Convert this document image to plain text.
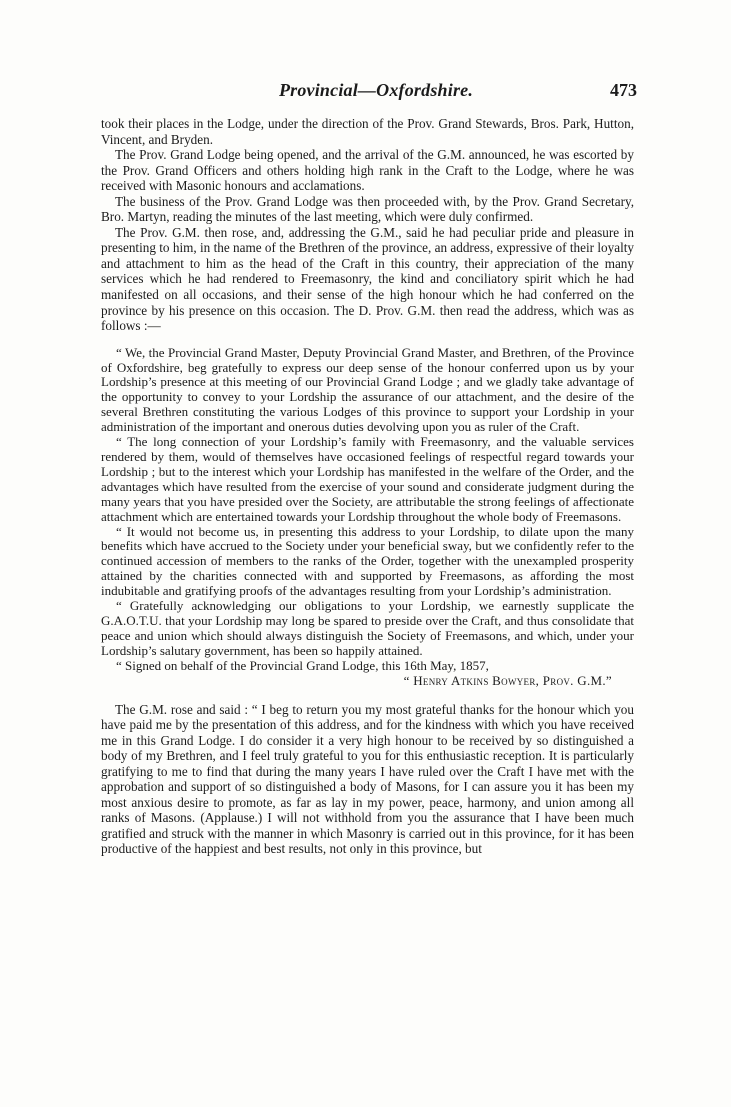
Provincial—Oxfordshire.	473

took their places in the Lodge, under the direction of the Prov. Grand Stewards, Bros. Park, Hutton, Vincent, and Bryden.

The Prov. Grand Lodge being opened, and the arrival of the G.M. announced, he was escorted by the Prov. Grand Officers and others holding high rank in the Craft to the Lodge, where he was received with Masonic honours and acclamations.

The business of the Prov. Grand Lodge was then proceeded with, by the Prov. Grand Secretary, Bro. Martyn, reading the minutes of the last meeting, which were duly confirmed.

The Prov. G.M. then rose, and, addressing the G.M., said he had peculiar pride and pleasure in presenting to him, in the name of the Brethren of the province, an address, expressive of their loyalty and attachment to him as the head of the Craft in this country, their appreciation of the many services which he had rendered to Freemasonry, the kind and conciliatory spirit which he had manifested on all occasions, and their sense of the high honour which he had conferred on the province by his presence on this occasion. The D. Prov. G.M. then read the address, which was as follows :—

“ We, the Provincial Grand Master, Deputy Provincial Grand Master, and Brethren, of the Province of Oxfordshire, beg gratefully to express our deep sense of the honour conferred upon us by your Lordship’s presence at this meeting of our Provincial Grand Lodge ; and we gladly take advantage of the opportunity to convey to your Lordship the assurance of our attachment, and the desire of the several Brethren constituting the various Lodges of this province to support your Lordship in your administration of the important and onerous duties devolving upon you as ruler of the Craft.

“ The long connection of your Lordship’s family with Freemasonry, and the valuable services rendered by them, would of themselves have occasioned feelings of respectful regard towards your Lordship ; but to the interest which your Lordship has manifested in the welfare of the Order, and the advantages which have resulted from the exercise of your sound and considerate judgment during the many years that you have presided over the Society, are attributable the strong feelings of affectionate attachment which are entertained towards your Lordship throughout the whole body of Freemasons.

“ It would not become us, in presenting this address to your Lordship, to dilate upon the many benefits which have accrued to the Society under your beneficial sway, but we confidently refer to the continued accession of members to the ranks of the Order, together with the unexampled prosperity attained by the charities connected with and supported by Freemasons, as affording the most indubitable and gratifying proofs of the advantages resulting from your Lordship’s administration.

“ Gratefully acknowledging our obligations to your Lordship, we earnestly supplicate the G.A.O.T.U. that your Lordship may long be spared to preside over the Craft, and thus consolidate that peace and union which should always distinguish the Society of Freemasons, and which, under your Lordship’s salutary government, has been so happily attained.

“ Signed on behalf of the Provincial Grand Lodge, this 16th May, 1857,

“ Henry Atkins Bowyer, Prov. G.M.”

The G.M. rose and said : “ I beg to return you my most grateful thanks for the honour which you have paid me by the presentation of this address, and for the kindness with which you have received me in this Grand Lodge. I do consider it a very high honour to be received by so distinguished a body of my Brethren, and I feel truly grateful to you for this enthusiastic reception. It is particularly gratifying to me to find that during the many years I have ruled over the Craft I have met with the approbation and support of so distinguished a body of Masons, for I can assure you it has been my most anxious desire to promote, as far as lay in my power, peace, harmony, and union among all ranks of Masons. (Applause.) I will not withhold from you the assurance that I have been much gratified and struck with the manner in which Masonry is carried out in this province, for it has been productive of the happiest and best results, not only in this province, but
